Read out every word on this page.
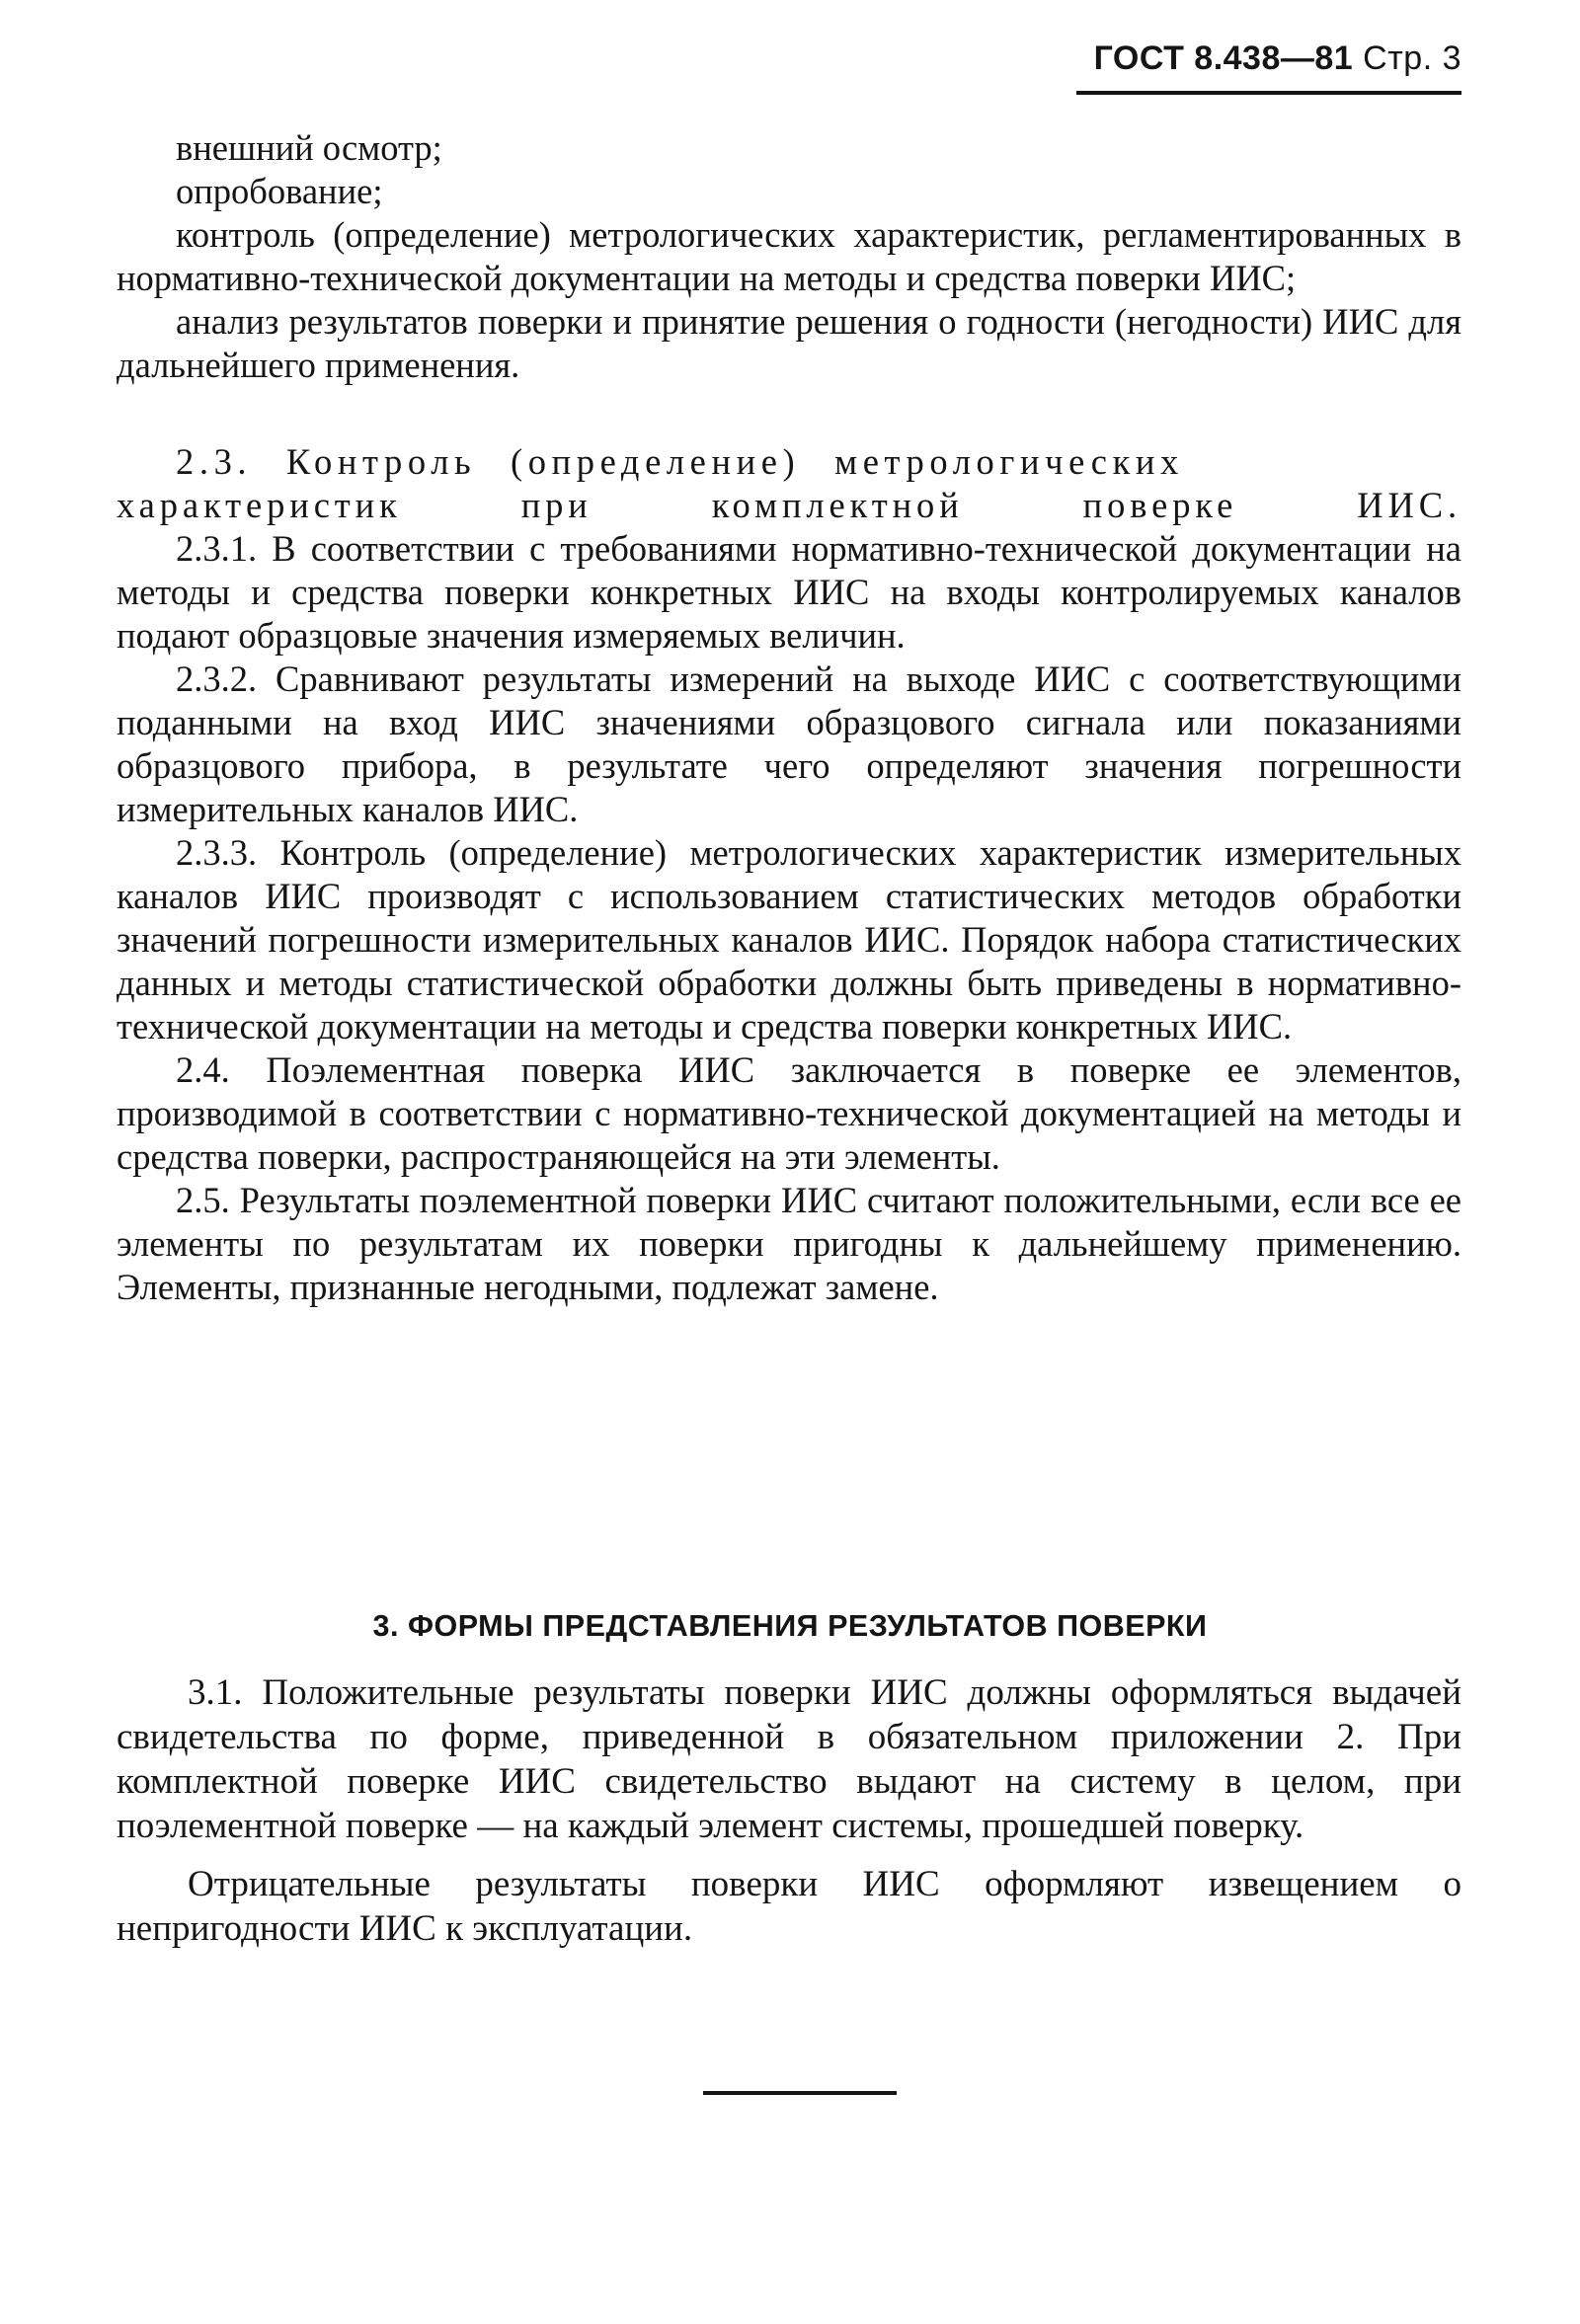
ГОСТ 8.438—81 Стр. 3

внешний осмотр;

опробование;

контроль (определение) метрологических характеристик, регламентированных в нормативно-технической документации на методы и средства поверки ИИС;

анализ результатов поверки и принятие решения о годности (негодности) ИИС для дальнейшего применения.

2.3. Контроль (определение) метрологических

характеристик при комплектной поверке ИИС.

2.3.1. В соответствии с требованиями нормативно-технической документации на методы и средства поверки конкретных ИИС на входы контролируемых каналов подают образцовые значения измеряемых величин.

2.3.2. Сравнивают результаты измерений на выходе ИИС с соответствующими поданными на вход ИИС значениями образцового сигнала или показаниями образцового прибора, в результате чего определяют значения погрешности измерительных каналов ИИС.

2.3.3. Контроль (определение) метрологических характеристик измерительных каналов ИИС производят с использованием статистических методов обработки значений погрешности измерительных каналов ИИС. Порядок набора статистических данных и методы статистической обработки должны быть приведены в нормативно-технической документации на методы и средства поверки конкретных ИИС.

2.4. Поэлементная поверка ИИС заключается в поверке ее элементов, производимой в соответствии с нормативно-технической документацией на методы и средства поверки, распространяющейся на эти элементы.

2.5. Результаты поэлементной поверки ИИС считают положительными, если все ее элементы по результатам их поверки пригодны к дальнейшему применению. Элементы, признанные негодными, подлежат замене.

3. ФОРМЫ ПРЕДСТАВЛЕНИЯ РЕЗУЛЬТАТОВ ПОВЕРКИ

3.1. Положительные результаты поверки ИИС должны оформляться выдачей свидетельства по форме, приведенной в обязательном приложении 2. При комплектной поверке ИИС свидетельство выдают на систему в целом, при поэлементной поверке — на каждый элемент системы, прошедшей поверку.

Отрицательные результаты поверки ИИС оформляют извещением о непригодности ИИС к эксплуатации.
